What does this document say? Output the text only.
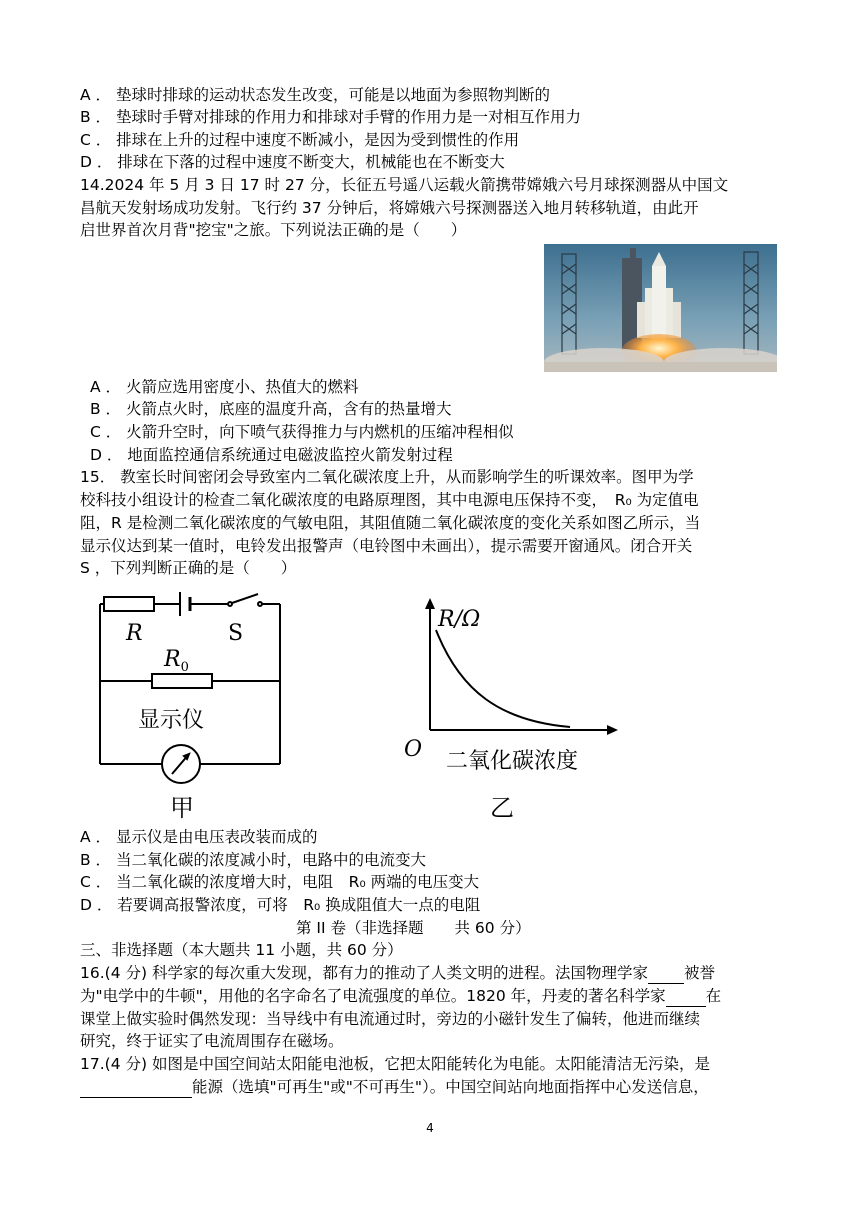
A ． 垫球时排球的运动状态发生改变，可能是以地面为参照物判断的
B ． 垫球时手臂对排球的作用力和排球对手臂的作用力是一对相互作用力
C ． 排球在上升的过程中速度不断减小，是因为受到惯性的作用
D ． 排球在下落的过程中速度不断变大，机械能也在不断变大
14.2024 年 5 月 3 日 17 时 27 分，长征五号遥八运载火箭携带嫦娥六号月球探测器从中国文
昌航天发射场成功发射。飞行约 37 分钟后，将嫦娥六号探测器送入地月转移轨道，由此开
启世界首次月背"挖宝"之旅。下列说法正确的是（　　）
A ． 火箭应选用密度小、热值大的燃料
B ． 火箭点火时，底座的温度升高，含有的热量增大
C ． 火箭升空时，向下喷气获得推力与内燃机的压缩冲程相似
D ． 地面监控通信系统通过电磁波监控火箭发射过程
15． 教室长时间密闭会导致室内二氧化碳浓度上升，从而影响学生的听课效率。图甲为学
校科技小组设计的检查二氧化碳浓度的电路原理图，其中电源电压保持不变，　R₀ 为定值电
阻，R 是检测二氧化碳浓度的气敏电阻，其阻值随二氧化碳浓度的变化关系如图乙所示，当
显示仪达到某一值时，电铃发出报警声（电铃图中未画出），提示需要开窗通风。闭合开关
S ，下列判断正确的是（　　）
R	S
$R_0$
显示仪
甲
R/Ω
O 二氧化碳浓度
乙
A ． 显示仪是由电压表改装而成的
B ． 当二氧化碳的浓度减小时，电路中的电流变大
C ． 当二氧化碳的浓度增大时，电阻　R₀ 两端的电压变大
D ． 若要调高报警浓度，可将　R₀ 换成阻值大一点的电阻
第 II 卷（非选择题　　共 60 分）
三、非选择题（本大题共 11 小题，共 60 分）
16.(4 分) 科学家的每次重大发现，都有力的推动了人类文明的进程。法国物理学家 被誉
为"电学中的牛顿"，用他的名字命名了电流强度的单位。1820 年，丹麦的著名科学家	在
课堂上做实验时偶然发现：当导线中有电流通过时，旁边的小磁针发生了偏转，他进而继续
研究，终于证实了电流周围存在磁场。
17.(4 分) 如图是中国空间站太阳能电池板，它把太阳能转化为电能。太阳能清洁无污染，是
能源（选填"可再生"或"不可再生"）。中国空间站向地面指挥中心发送信息，
4
